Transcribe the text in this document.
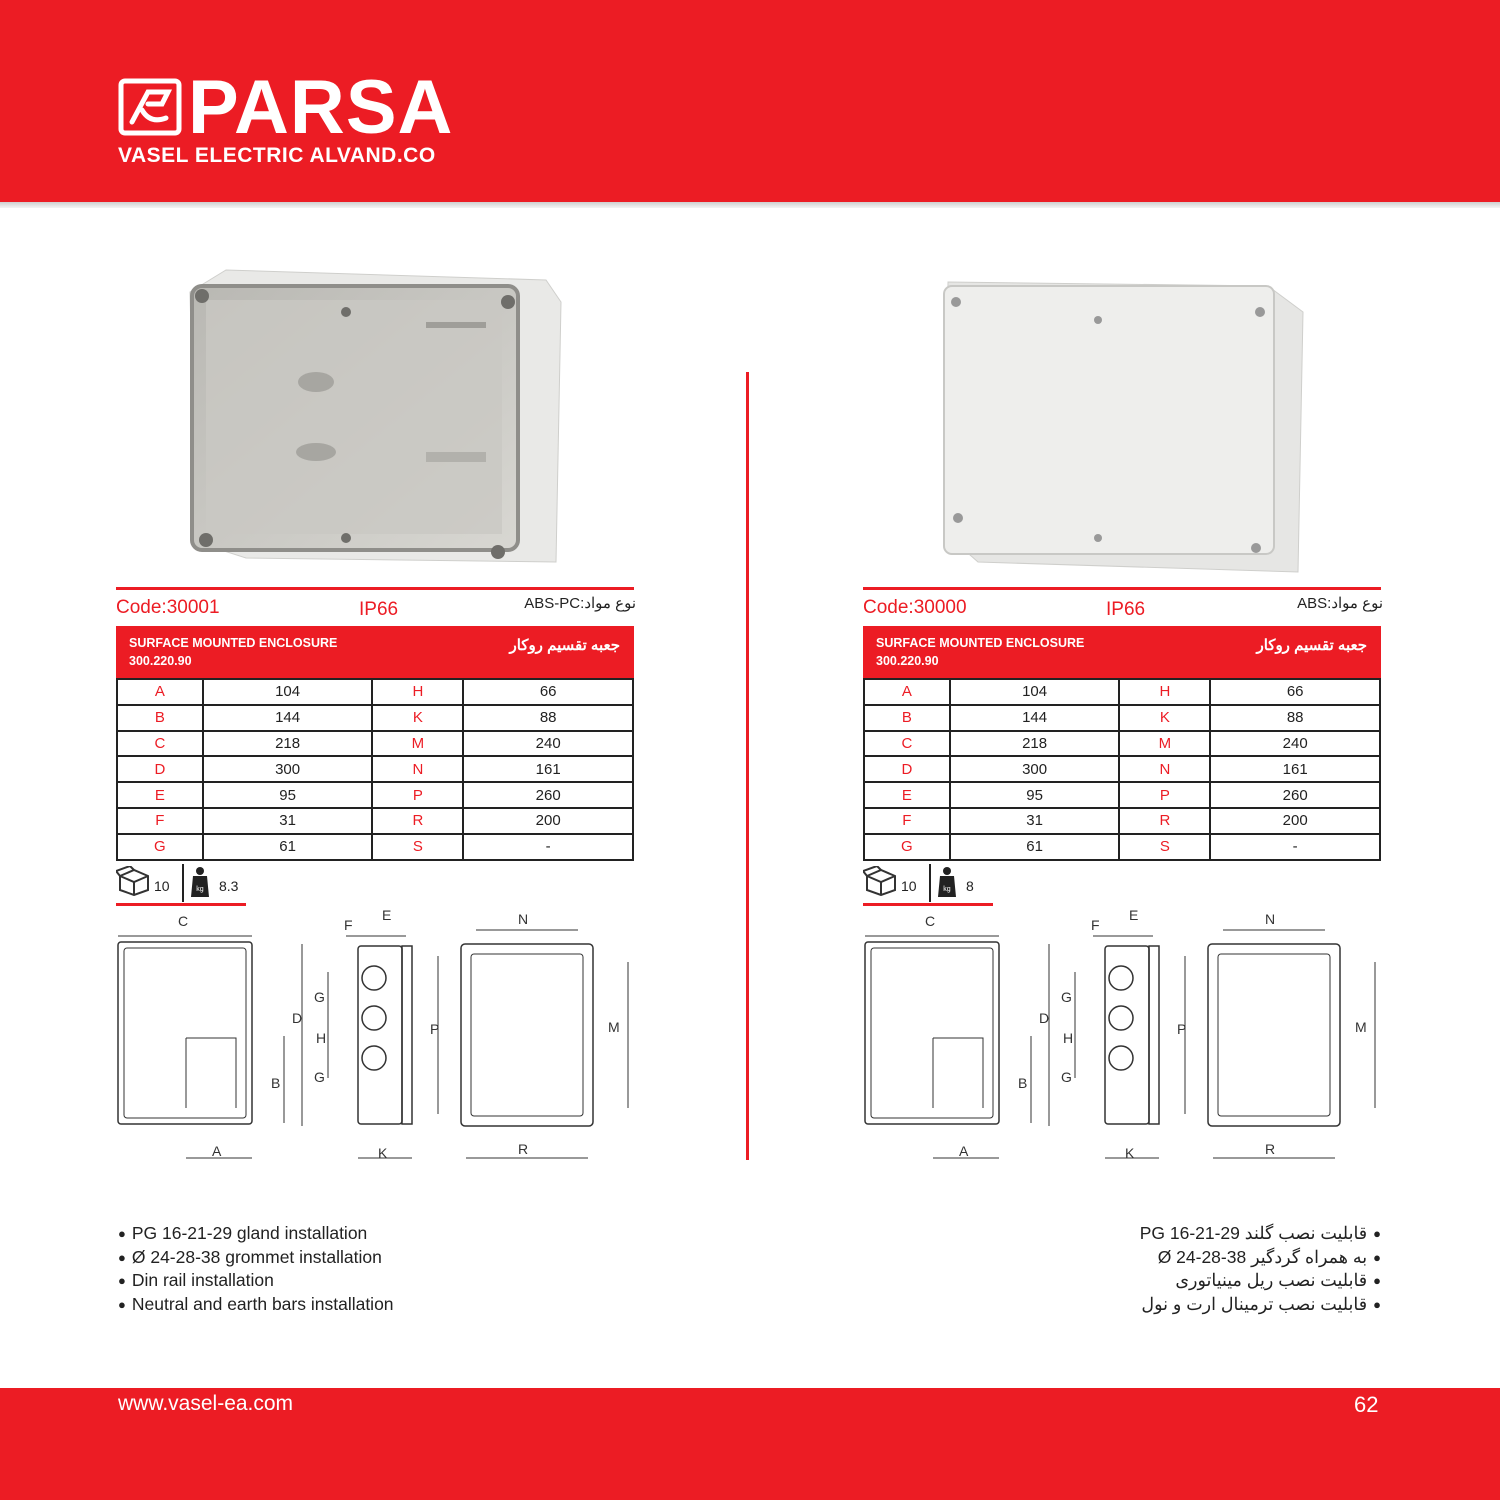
PARSA
VASEL ELECTRIC ALVAND.CO
Code:30001	IP66	نوع مواد:ABS-PC
SURFACE MOUNTED ENCLOSURE
300.220.90
جعبه تقسیم روکار
A	104	H	66
B	144	K	88
C	218	M	240
D	300	N	161
E	95	P	260
F	31	R	200
G	61	S	-
10	kg 8.3
C
D
B
A
F
E
G
H
G
K
N
P	M
R
● PG 16-21-29 gland installation
● Ø 24-28-38 grommet installation
● Din rail installation
● Neutral and earth bars installation
Code:30000	IP66	نوع مواد:ABS
SURFACE MOUNTED ENCLOSURE
300.220.90
جعبه تقسیم روکار
A	104	H	66
B	144	K	88
C	218	M	240
D	300	N	161
E	95	P	260
F	31	R	200
G	61	S	-
10	kg 8
C
D
B
A
F
E
G
H
G
K
N
P	M
R
● قابلیت نصب گلند PG 16-21-29
● به همراه گردگیر Ø 24-28-38
● قابلیت نصب ریل مینیاتوری
● قابلیت نصب ترمینال ارت و نول
www.vasel-ea.com	62
